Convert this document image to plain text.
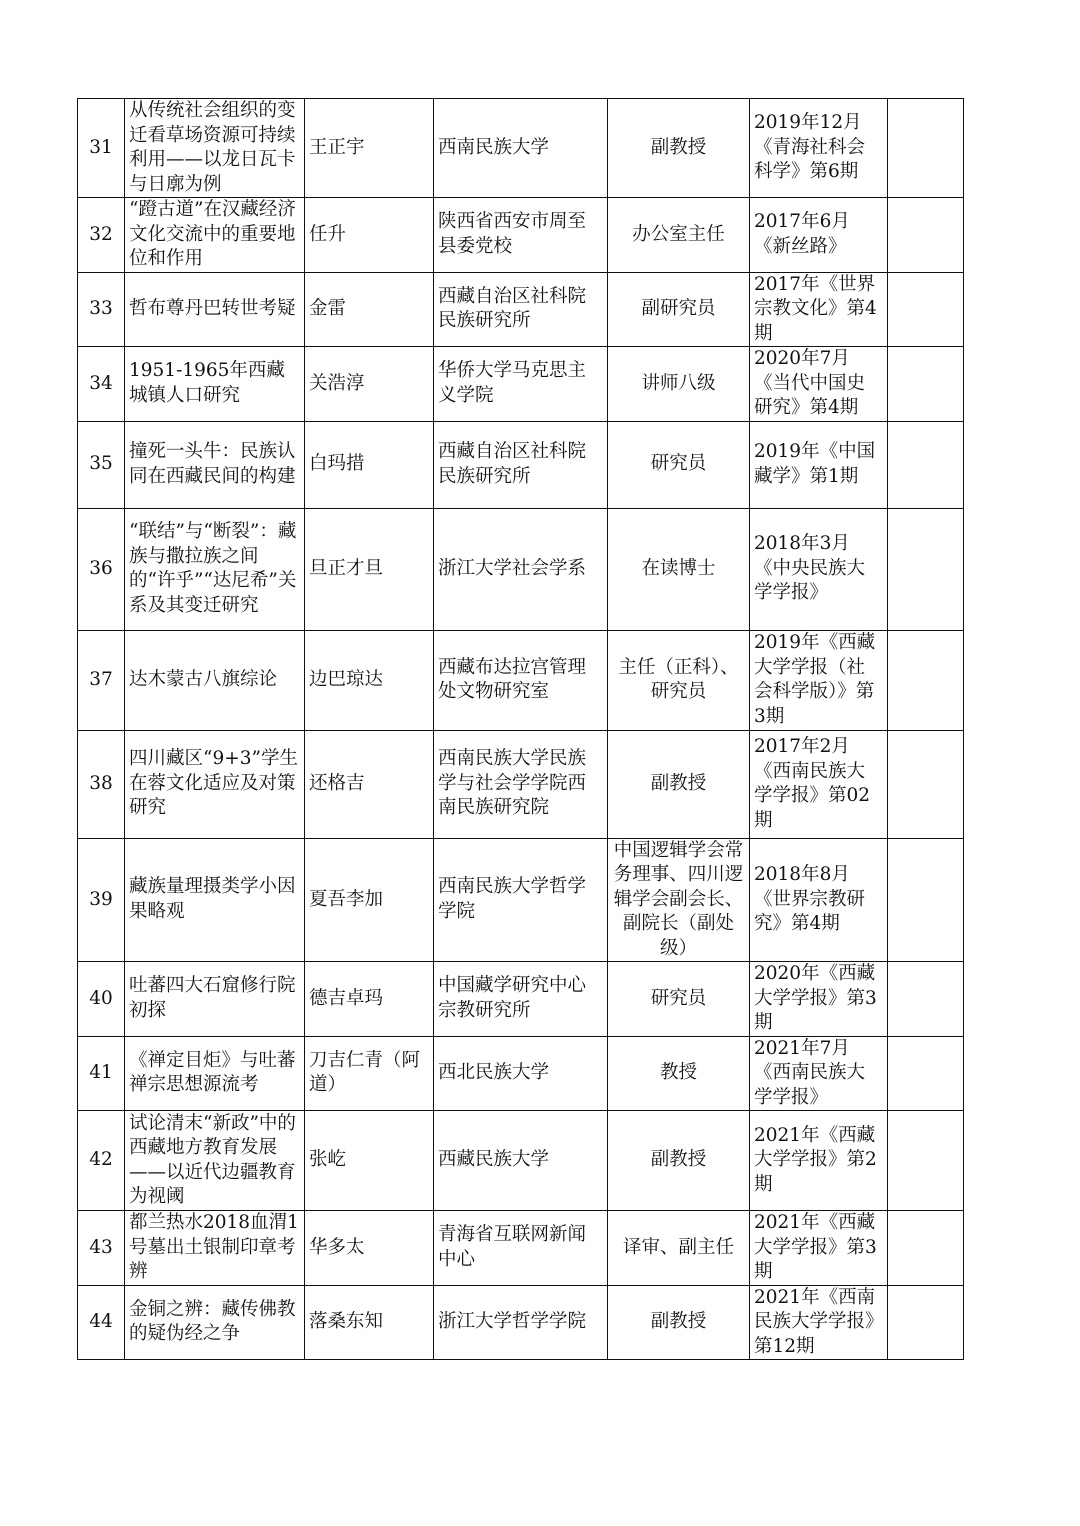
31	从传统社会组织的变迁看草场资源可持续利用——以龙日瓦卡与日廓为例	王正宇	西南民族大学	副教授	2019年12月《青海社科会科学》第6期	
32	“蹬古道”在汉藏经济文化交流中的重要地位和作用	任升	陕西省西安市周至县委党校	办公室主任	2017年6月《新丝路》	
33	哲布尊丹巴转世考疑	金雷	西藏自治区社科院民族研究所	副研究员	2017年《世界宗教文化》第4期	
34	1951-1965年西藏城镇人口研究	关浩淳	华侨大学马克思主义学院	讲师八级	2020年7月《当代中国史研究》第4期	
35	撞死一头牛：民族认同在西藏民间的构建	白玛措	西藏自治区社科院民族研究所	研究员	2019年《中国藏学》第1期	
36	“联结”与“断裂”：藏族与撒拉族之间的“许乎”“达尼希”关系及其变迁研究	旦正才旦	浙江大学社会学系	在读博士	2018年3月《中央民族大学学报》	
37	达木蒙古八旗综论	边巴琼达	西藏布达拉宫管理处文物研究室	主任（正科）、研究员	2019年《西藏大学学报（社会科学版）》第3期	
38	四川藏区“9+3”学生在蓉文化适应及对策研究	还格吉	西南民族大学民族学与社会学学院西南民族研究院	副教授	2017年2月《西南民族大学学报》第02期	
39	藏族量理摄类学小因果略观	夏吾李加	西南民族大学哲学学院	中国逻辑学会常务理事、四川逻辑学会副会长、副院长（副处级）	2018年8月《世界宗教研究》第4期	
40	吐蕃四大石窟修行院初探	德吉卓玛	中国藏学研究中心宗教研究所	研究员	2020年《西藏大学学报》第3期	
41	《禅定目炬》与吐蕃禅宗思想源流考	刀吉仁青（阿道）	西北民族大学	教授	2021年7月《西南民族大学学报》	
42	试论清末“新政”中的西藏地方教育发展——以近代边疆教育为视阈	张屹	西藏民族大学	副教授	2021年《西藏大学学报》第2期	
43	都兰热水2018血渭1号墓出土银制印章考辨	华多太	青海省互联网新闻中心	译审、副主任	2021年《西藏大学学报》第3期	
44	金铜之辨：藏传佛教的疑伪经之争	落桑东知	浙江大学哲学学院	副教授	2021年《西南民族大学学报》第12期	
